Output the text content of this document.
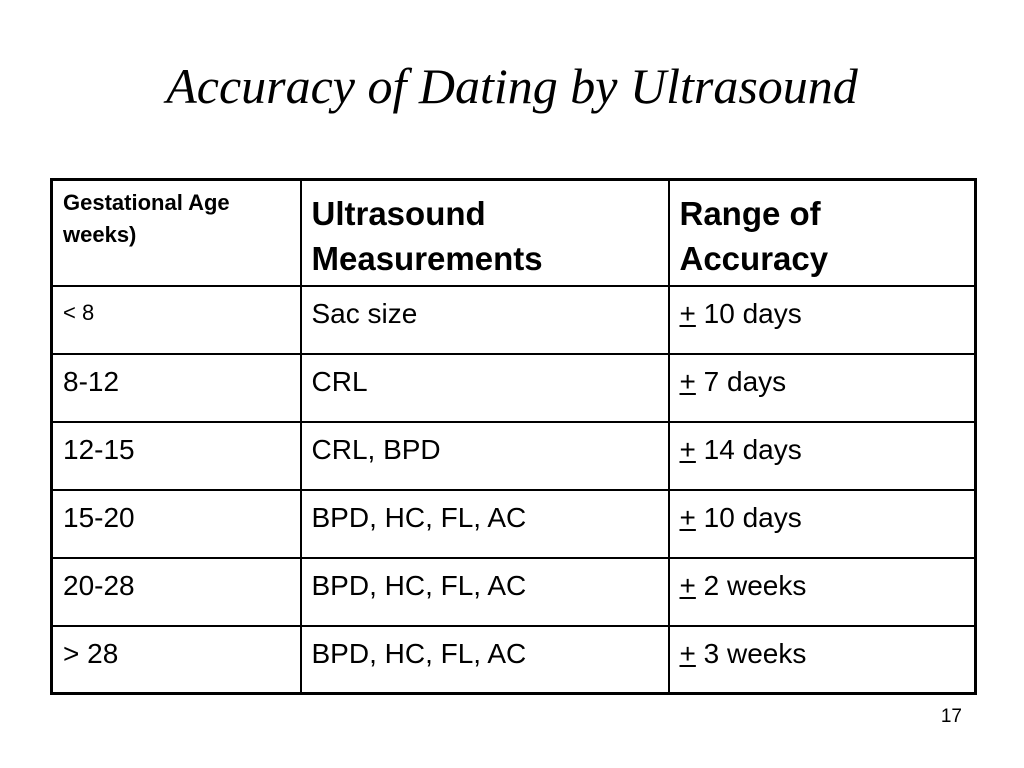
Accuracy of Dating by Ultrasound
Gestational Age weeks)	Ultrasound Measurements	Range of Accuracy
< 8	Sac size	+ 10 days
8-12	CRL	+ 7 days
12-15	CRL, BPD	+ 14 days
15-20	BPD, HC, FL, AC	+ 10 days
20-28	BPD, HC, FL, AC	+ 2 weeks
> 28	BPD, HC, FL, AC	+ 3 weeks
17
